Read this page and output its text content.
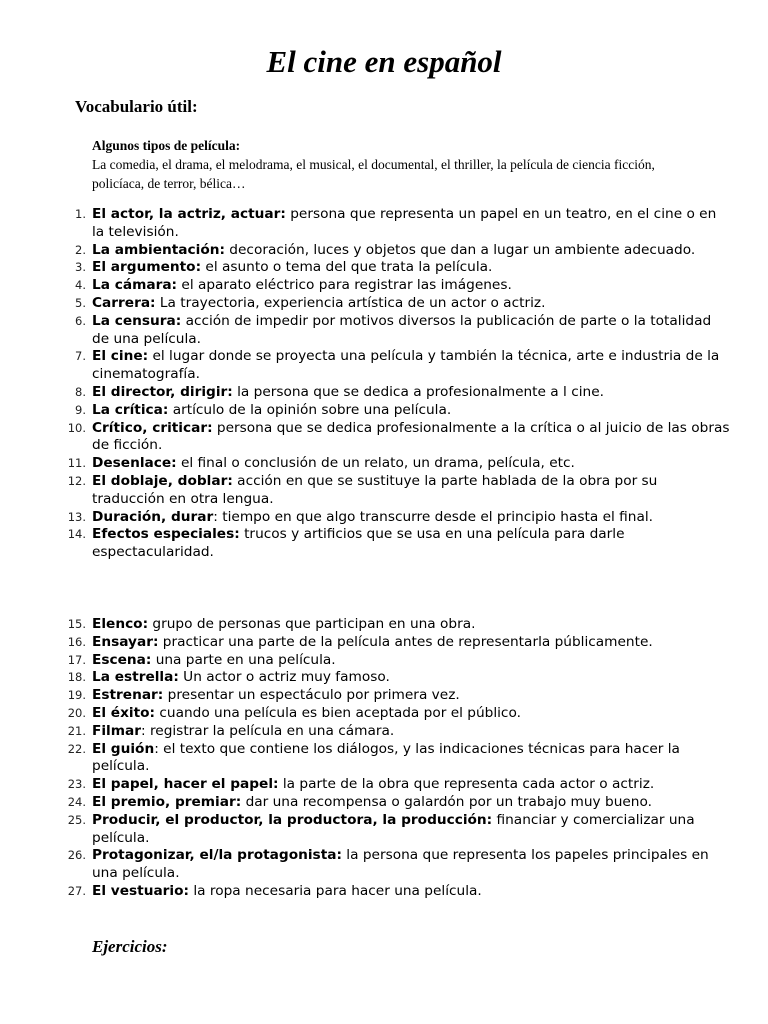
El cine en español
Vocabulario útil:
Algunos tipos de película:
La comedia, el drama, el melodrama, el musical, el documental, el thriller, la película de ciencia ficción, policíaca, de terror, bélica…
1. El actor, la actriz, actuar: persona que representa un papel en un teatro, en el cine o en la televisión.
2. La ambientación: decoración, luces y objetos que dan a lugar un ambiente adecuado.
3. El argumento: el asunto o tema del que trata la película.
4. La cámara: el aparato eléctrico para registrar las imágenes.
5. Carrera: La trayectoria, experiencia artística de un actor o actriz.
6. La censura: acción de impedir por motivos diversos la publicación de parte o la totalidad de una película.
7. El cine: el lugar donde se proyecta una película y también la técnica, arte e industria de la cinematografía.
8. El director, dirigir: la persona que se dedica a profesionalmente a l cine.
9. La crítica: artículo de la opinión sobre una película.
10. Crítico, criticar: persona que se dedica profesionalmente a la crítica o al juicio de las obras de ficción.
11. Desenlace: el final o conclusión de un relato, un drama, película, etc.
12. El doblaje, doblar: acción en que se sustituye la parte hablada de la obra por su traducción en otra lengua.
13. Duración, durar: tiempo en que algo transcurre desde el principio hasta el final.
14. Efectos especiales: trucos y artificios que se usa en una película para darle espectacularidad.
15. Elenco: grupo de personas que participan en una obra.
16. Ensayar: practicar una parte de la película antes de representarla públicamente.
17. Escena: una parte en una película.
18. La estrella: Un actor o actriz muy famoso.
19. Estrenar: presentar un espectáculo por primera vez.
20. El éxito: cuando una película es bien aceptada por el público.
21. Filmar: registrar la película en una cámara.
22. El guión: el texto que contiene los diálogos, y las indicaciones técnicas para hacer la película.
23. El papel, hacer el papel: la parte de la obra que representa cada actor o actriz.
24. El premio, premiar: dar una recompensa o galardón por un trabajo muy bueno.
25. Producir, el productor, la productora, la producción: financiar y comercializar una película.
26. Protagonizar, el/la protagonista: la persona que representa los papeles principales en una película.
27. El vestuario: la ropa necesaria para hacer una película.
Ejercicios:
